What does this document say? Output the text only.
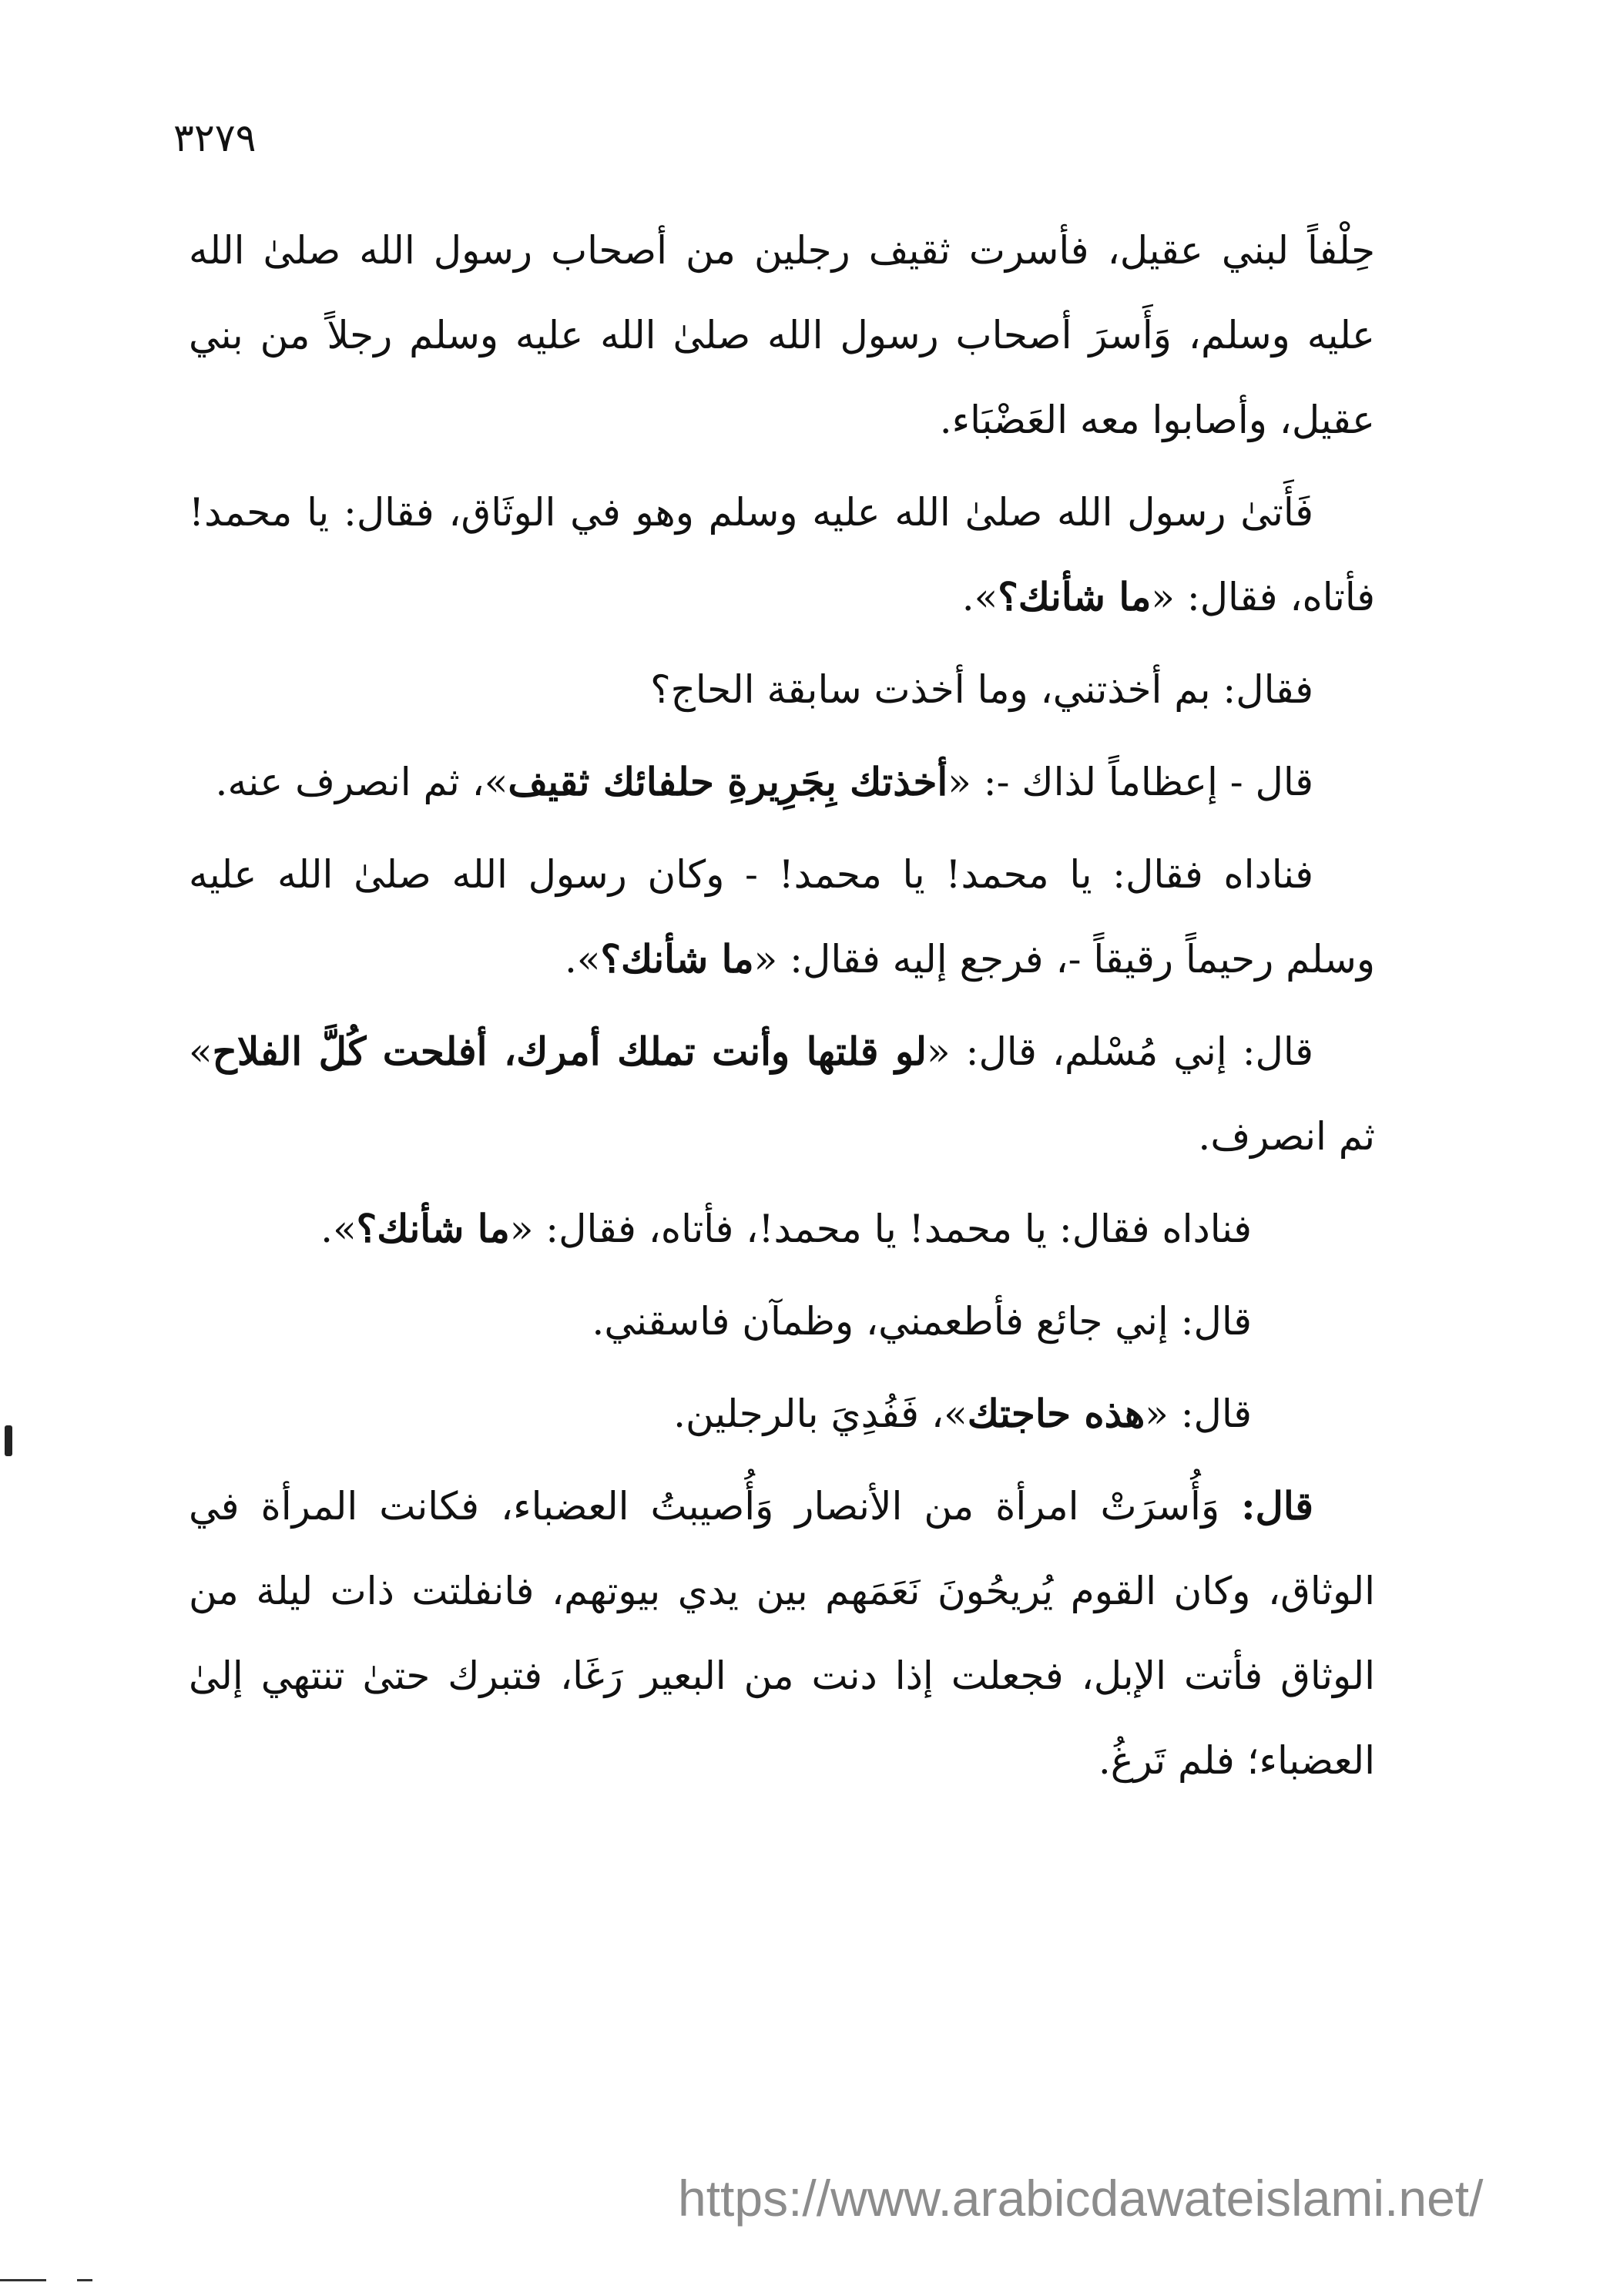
٣٢٧٩

حِلْفاً لبني عقيل، فأسرت ثقيف رجلين من أصحاب رسول الله صلىٰ الله عليه وسلم، وَأَسرَ أصحاب رسول الله صلىٰ الله عليه وسلم رجلاً من بني عقيل، وأصابوا معه العَضْبَاء.

فَأَتىٰ رسول الله صلىٰ الله عليه وسلم وهو في الوثَاق، فقال: يا محمد! فأتاه، فقال: «ما شأنك؟».

فقال: بم أخذتني، وما أخذت سابقة الحاج؟

قال - إعظاماً لذاك -: «أخذتك بِجَرِيرةِ حلفائك ثقيف»، ثم انصرف عنه.

فناداه فقال: يا محمد! يا محمد! - وكان رسول الله صلىٰ الله عليه وسلم رحيماً رقيقاً -، فرجع إليه فقال: «ما شأنك؟».

قال: إني مُسْلم، قال: «لو قلتها وأنت تملك أمرك، أفلحت كُلَّ الفلاح» ثم انصرف.

فناداه فقال: يا محمد! يا محمد!، فأتاه، فقال: «ما شأنك؟».

قال: إني جائع فأطعمني، وظمآن فاسقني.

قال: «هذه حاجتك»، فَفُدِيَ بالرجلين.

قال: وَأُسرَتْ امرأة من الأنصار وَأُصيبتُ العضباء، فكانت المرأة في الوثاق، وكان القوم يُريحُونَ نَعَمَهم بين يدي بيوتهم، فانفلتت ذات ليلة من الوثاق فأتت الإبل، فجعلت إذا دنت من البعير رَغَا، فتبرك حتىٰ تنتهي إلىٰ العضباء؛ فلم تَرغُ.

https://www.arabicdawateislami.net/
